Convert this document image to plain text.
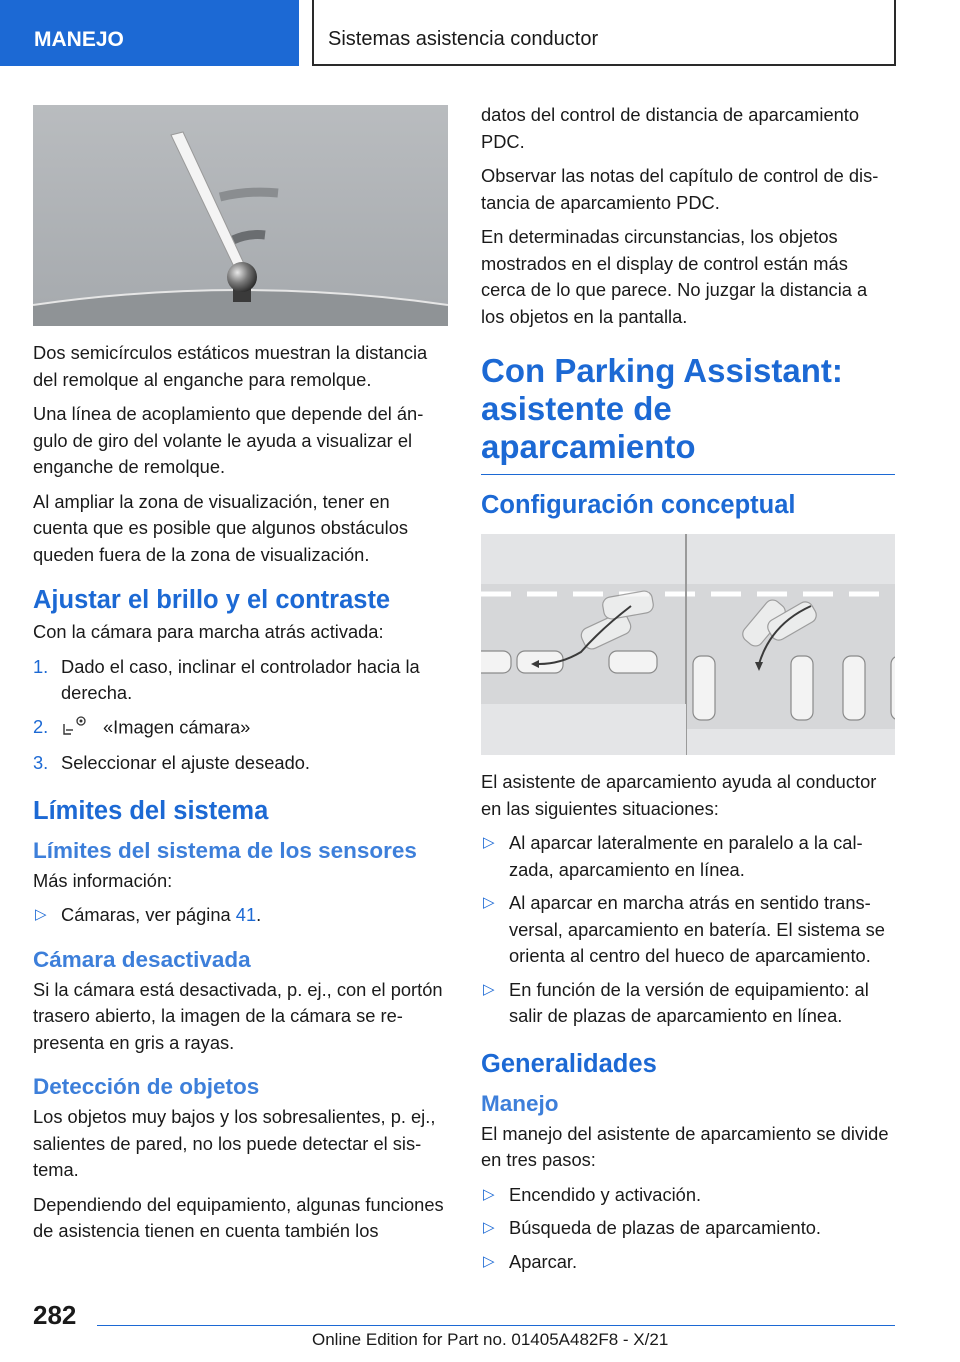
MANEJO	Sistemas asistencia conductor

Dos semicírculos estáticos muestran la distancia del remolque al enganche para remolque.

Una línea de acoplamiento que depende del ángulo de giro del volante le ayuda a visualizar el enganche de remolque.

Al ampliar la zona de visualización, tener en cuenta que es posible que algunos obstáculos queden fuera de la zona de visualización.

Ajustar el brillo y el contraste

Con la cámara para marcha atrás activada:

1. Dado el caso, inclinar el controlador hacia la derecha.
2.	«Imagen cámara»
3. Seleccionar el ajuste deseado.
Límites del sistema
Límites del sistema de los sensores

Más información:

▷ Cámaras, ver página 41.
Cámara desactivada

Si la cámara está desactivada, p. ej., con el portón trasero abierto, la imagen de la cámara se representa en gris a rayas.

Detección de objetos

Los objetos muy bajos y los sobresalientes, p. ej., salientes de pared, no los puede detectar el sistema.

Dependiendo del equipamiento, algunas funciones de asistencia tienen en cuenta también los

datos del control de distancia de aparcamiento PDC.

Observar las notas del capítulo de control de distancia de aparcamiento PDC.

En determinadas circunstancias, los objetos mostrados en el display de control están más cerca de lo que parece. No juzgar la distancia a los objetos en la pantalla.

Con Parking Assistant: asistente de aparcamiento
Configuración conceptual

El asistente de aparcamiento ayuda al conductor en las siguientes situaciones:

▷ Al aparcar lateralmente en paralelo a la calzada, aparcamiento en línea.
▷ Al aparcar en marcha atrás en sentido transversal, aparcamiento en batería. El sistema se orienta al centro del hueco de aparcamiento.
▷ En función de la versión de equipamiento: al salir de plazas de aparcamiento en línea.
Generalidades
Manejo

El manejo del asistente de aparcamiento se divide en tres pasos:

▷ Encendido y activación.
▷ Búsqueda de plazas de aparcamiento.
▷ Aparcar.
282
Online Edition for Part no. 01405A482F8 - X/21
